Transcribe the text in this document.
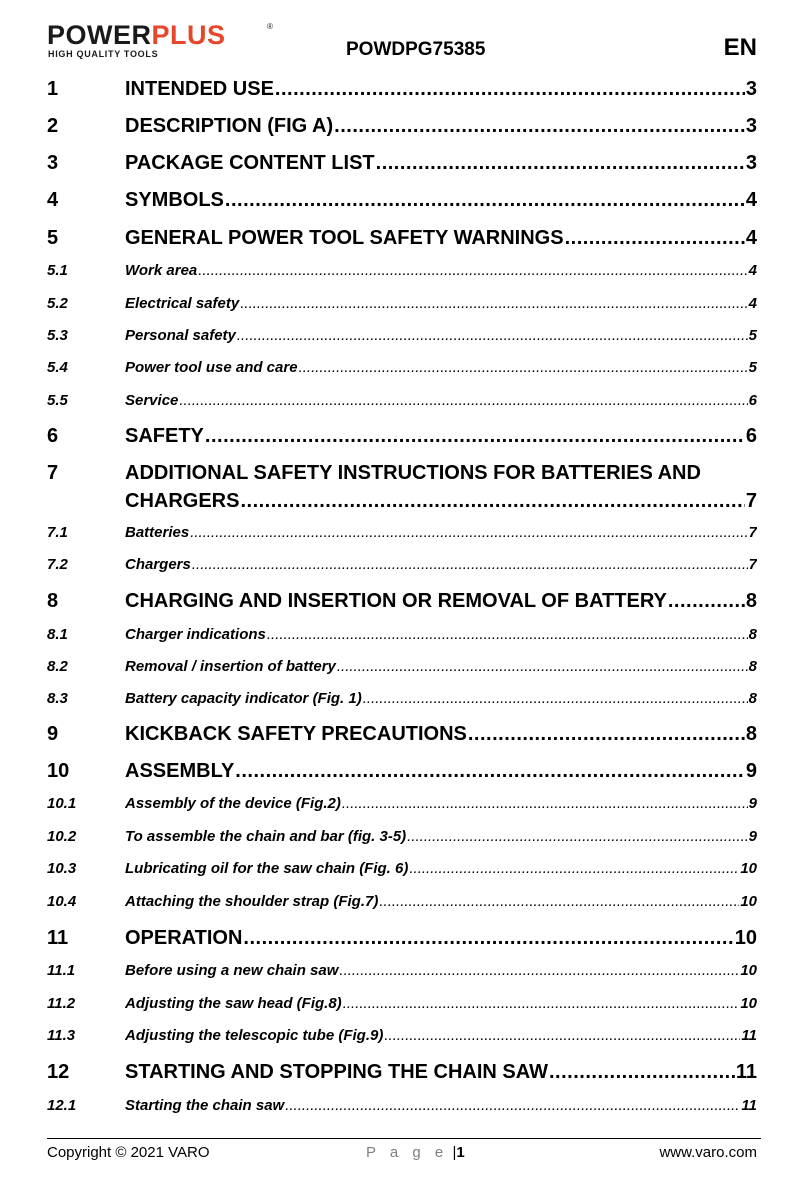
POWERPLUS	®
HIGH QUALITY TOOLS	POWDPG75385	EN
1	INTENDED USE .....	3
2	DESCRIPTION (FIG A) .....	3
3	PACKAGE CONTENT LIST .....	3
4	SYMBOLS .....	4
5	GENERAL POWER TOOL SAFETY WARNINGS .....	4
5.1	Work area .....	4
5.2	Electrical safety .....	4
5.3	Personal safety .....	5
5.4	Power tool use and care .....	5
5.5	Service .....	6
6	SAFETY .....	6
7	ADDITIONAL SAFETY INSTRUCTIONS FOR BATTERIES AND
CHARGERS .....	7
7.1	Batteries .....	7
7.2	Chargers .....	7
8	CHARGING AND INSERTION OR REMOVAL OF BATTERY .....	8
8.1	Charger indications .....	8
8.2	Removal / insertion of battery .....	8
8.3	Battery capacity indicator (Fig. 1) .....	8
9	KICKBACK SAFETY PRECAUTIONS .....	8
10	ASSEMBLY .....	9
10.1	Assembly of the device (Fig.2) .....	9
10.2	To assemble the chain and bar (fig. 3-5) .....	9
10.3	Lubricating oil for the saw chain (Fig. 6) .....	10
10.4	Attaching the shoulder strap (Fig.7) .....	10
11	OPERATION .....	10
11.1	Before using a new chain saw .....	10
11.2	Adjusting the saw head (Fig.8) .....	10
11.3	Adjusting the telescopic tube (Fig.9) .....	11
12	STARTING AND STOPPING THE CHAIN SAW .....	11
12.1	Starting the chain saw .....	11
Copyright © 2021 VARO	P a g e |1	www.varo.com
